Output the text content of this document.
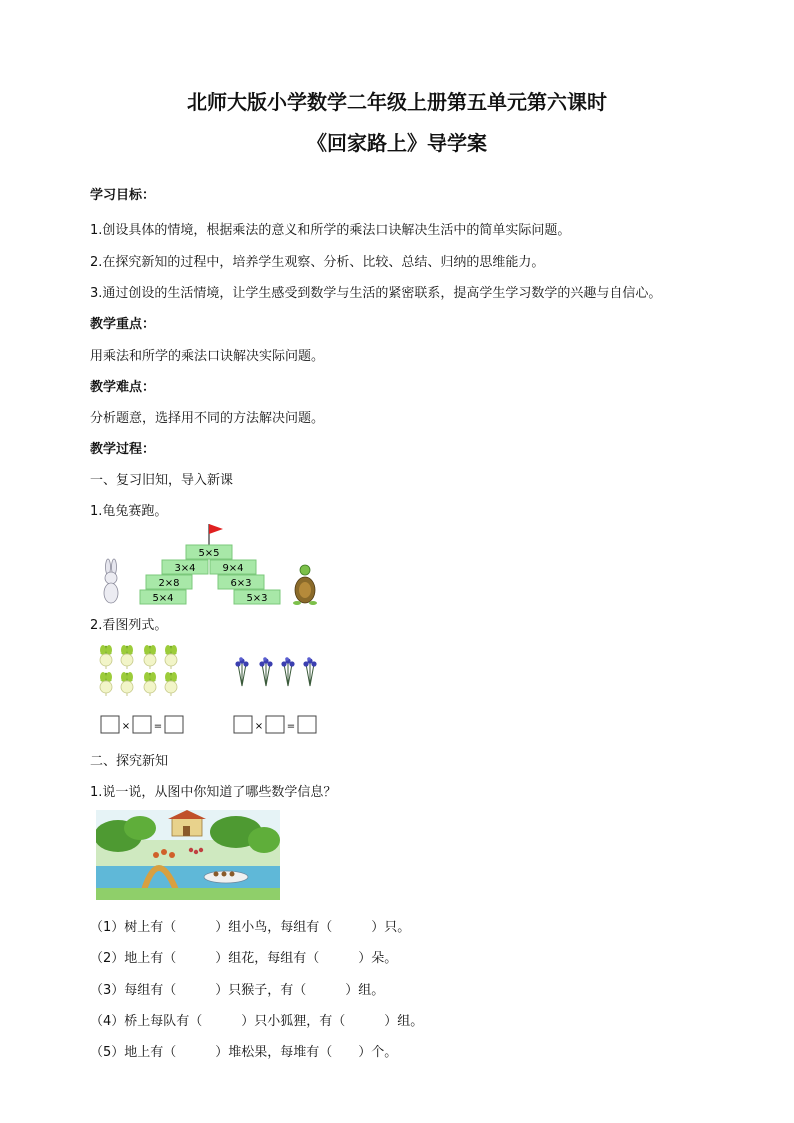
北师大版小学数学二年级上册第五单元第六课时
《回家路上》导学案
学习目标：
1.创设具体的情境，根据乘法的意义和所学的乘法口诀解决生活中的简单实际问题。
2.在探究新知的过程中，培养学生观察、分析、比较、总结、归纳的思维能力。
3.通过创设的生活情境，让学生感受到数学与生活的紧密联系，提高学生学习数学的兴趣与自信心。
教学重点：
用乘法和所学的乘法口诀解决实际问题。
教学难点：
分析题意，选择用不同的方法解决问题。
教学过程：
一、复习旧知，导入新课
1.龟兔赛跑。
5×5
3×4	9×4
2×8	6×3
5×4	5×3
2.看图列式。
× =	× =
二、探究新知
1.说一说，从图中你知道了哪些数学信息？
（1）树上有（　　　）组小鸟，每组有（　　　）只。
（2）地上有（　　　）组花，每组有（　　　）朵。
（3）每组有（　　　）只猴子，有（　　　）组。
（4）桥上每队有（　　　）只小狐狸，有（　　　）组。
（5）地上有（　　　）堆松果，每堆有（　　）个。
